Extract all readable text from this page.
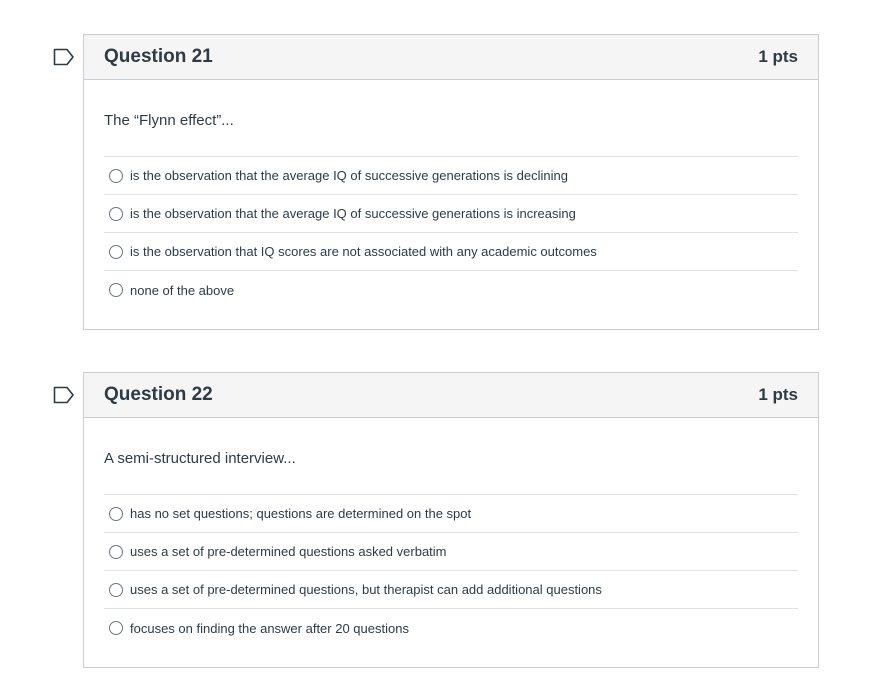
Question 21	1 pts

The “Flynn effect”...

is the observation that the average IQ of successive generations is declining
is the observation that the average IQ of successive generations is increasing
is the observation that IQ scores are not associated with any academic outcomes
none of the above
Question 22	1 pts

A semi-structured interview...

has no set questions; questions are determined on the spot
uses a set of pre-determined questions asked verbatim
uses a set of pre-determined questions, but therapist can add additional questions
focuses on finding the answer after 20 questions
